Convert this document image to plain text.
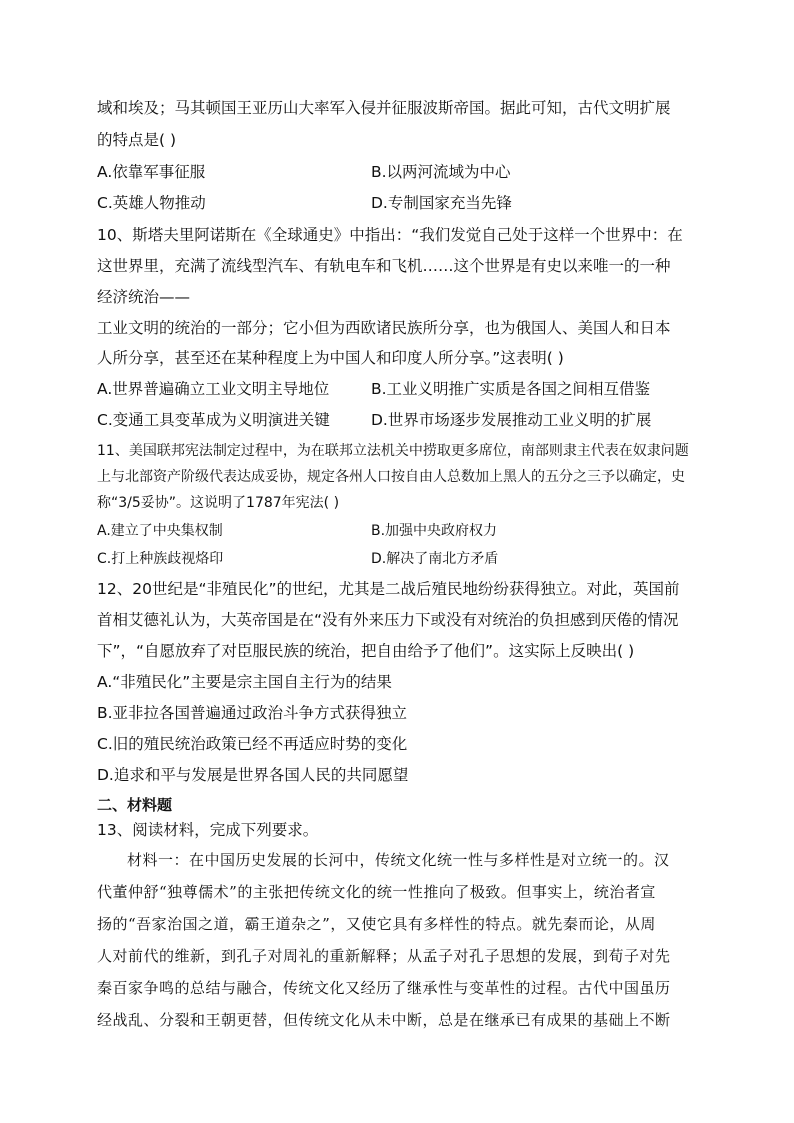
域和埃及；马其顿国王亚历山大率军入侵并征服波斯帝国。据此可知，古代文明扩展
的特点是( )
A.依靠军事征服	B.以两河流域为中心
C.英雄人物推动	D.专制国家充当先锋
10、斯塔夫里阿诺斯在《全球通史》中指出：“我们发觉自己处于这样一个世界中：在
这世界里，充满了流线型汽车、有轨电车和飞机……这个世界是有史以来唯一的一种
经济统治——
工业文明的统治的一部分；它小但为西欧诸民族所分享，也为俄国人、美国人和日本
人所分享，甚至还在某种程度上为中国人和印度人所分享。”这表明( )
A.世界普遍确立工业文明主导地位	B.工业义明推广实质是各国之间相互借鉴
C.变通工具变革成为义明演进关键	D.世界市场逐步发展推动工业义明的扩展
11、美国联邦宪法制定过程中，为在联邦立法机关中捞取更多席位，南部则隶主代表在奴隶问题
上与北部资产阶级代表达成妥协，规定各州人口按自由人总数加上黑人的五分之三予以确定，史
称“3/5妥协”。这说明了1787年宪法( )
A.建立了中央集权制	B.加强中央政府权力
C.打上种族歧视烙印	D.解决了南北方矛盾
12、20世纪是“非殖民化”的世纪，尤其是二战后殖民地纷纷获得独立。对此，英国前
首相艾德礼认为，大英帝国是在“没有外来压力下或没有对统治的负担感到厌倦的情况
下”，“自愿放弃了对臣服民族的统治，把自由给予了他们”。这实际上反映出( )
A.“非殖民化”主要是宗主国自主行为的结果
B.亚非拉各国普遍通过政治斗争方式获得独立
C.旧的殖民统治政策已经不再适应时势的变化
D.追求和平与发展是世界各国人民的共同愿望
二、材料题
13、阅读材料，完成下列要求。
材料一：在中国历史发展的长河中，传统文化统一性与多样性是对立统一的。汉
代董仲舒“独尊儒术”的主张把传统文化的统一性推向了极致。但事实上，统治者宣
扬的“吾家治国之道，霸王道杂之”，又使它具有多样性的特点。就先秦而论，从周
人对前代的维新，到孔子对周礼的重新解释；从孟子对孔子思想的发展，到荀子对先
秦百家争鸣的总结与融合，传统文化又经历了继承性与变革性的过程。古代中国虽历
经战乱、分裂和王朝更替，但传统文化从未中断，总是在继承已有成果的基础上不断
